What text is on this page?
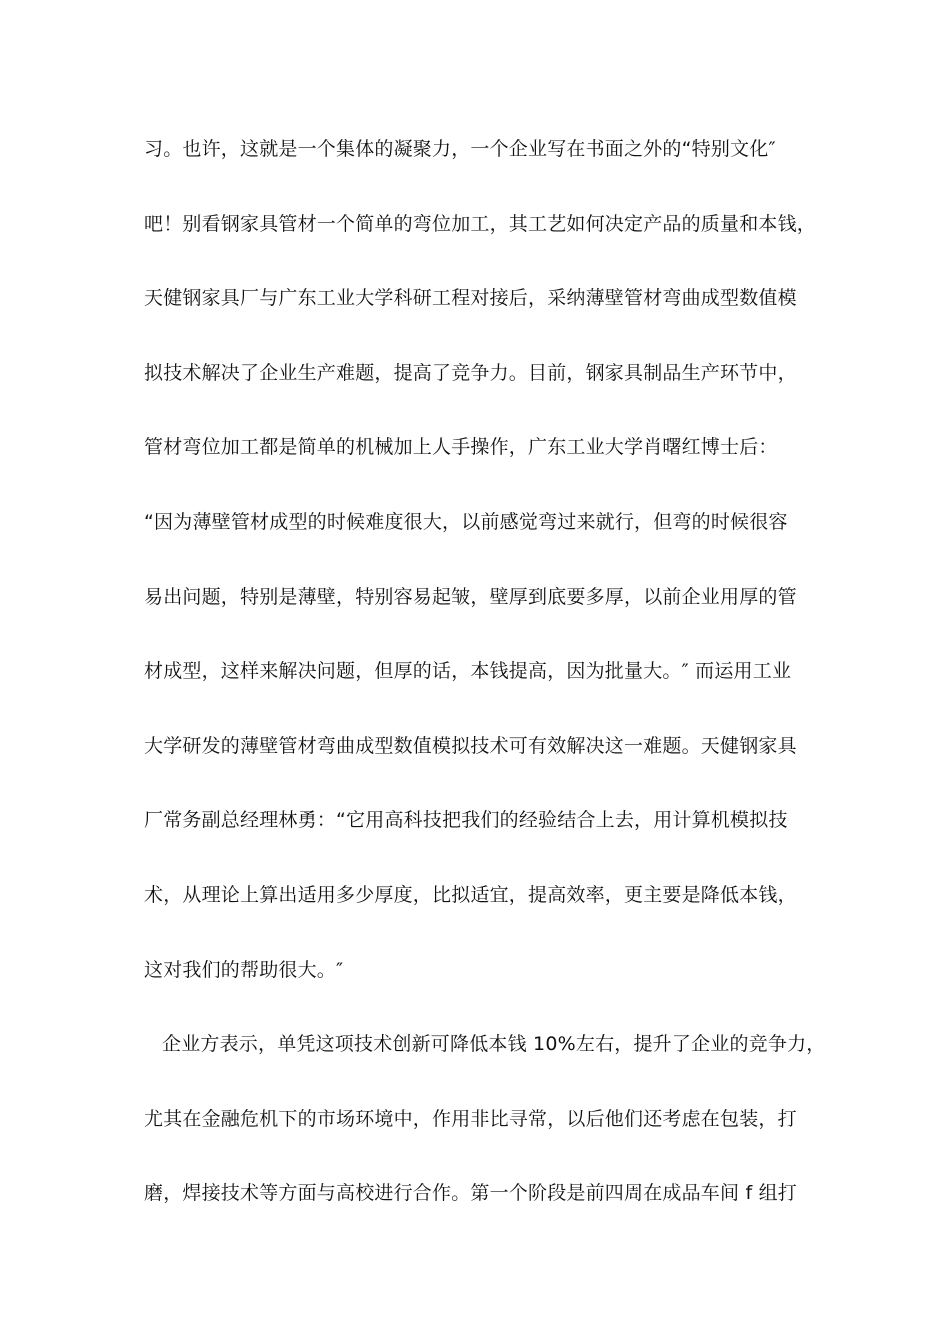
习。也许，这就是一个集体的凝聚力，一个企业写在书面之外的“特别文化″
吧！别看钢家具管材一个简单的弯位加工，其工艺如何决定产品的质量和本钱，
天健钢家具厂与广东工业大学科研工程对接后，采纳薄壁管材弯曲成型数值模
拟技术解决了企业生产难题，提高了竞争力。目前，钢家具制品生产环节中，
管材弯位加工都是简单的机械加上人手操作，广东工业大学肖曙红博士后：
“因为薄壁管材成型的时候难度很大，以前感觉弯过来就行，但弯的时候很容
易出问题，特别是薄壁，特别容易起皱，壁厚到底要多厚，以前企业用厚的管
材成型，这样来解决问题，但厚的话，本钱提高，因为批量大。″ 而运用工业
大学研发的薄壁管材弯曲成型数值模拟技术可有效解决这一难题。天健钢家具
厂常务副总经理林勇：“它用高科技把我们的经验结合上去，用计算机模拟技
术，从理论上算出适用多少厚度，比拟适宜，提高效率，更主要是降低本钱，
这对我们的帮助很大。″
企业方表示，单凭这项技术创新可降低本钱 10%左右，提升了企业的竞争力，
尤其在金融危机下的市场环境中，作用非比寻常，以后他们还考虑在包装，打
磨，焊接技术等方面与高校进行合作。第一个阶段是前四周在成品车间 f 组打
